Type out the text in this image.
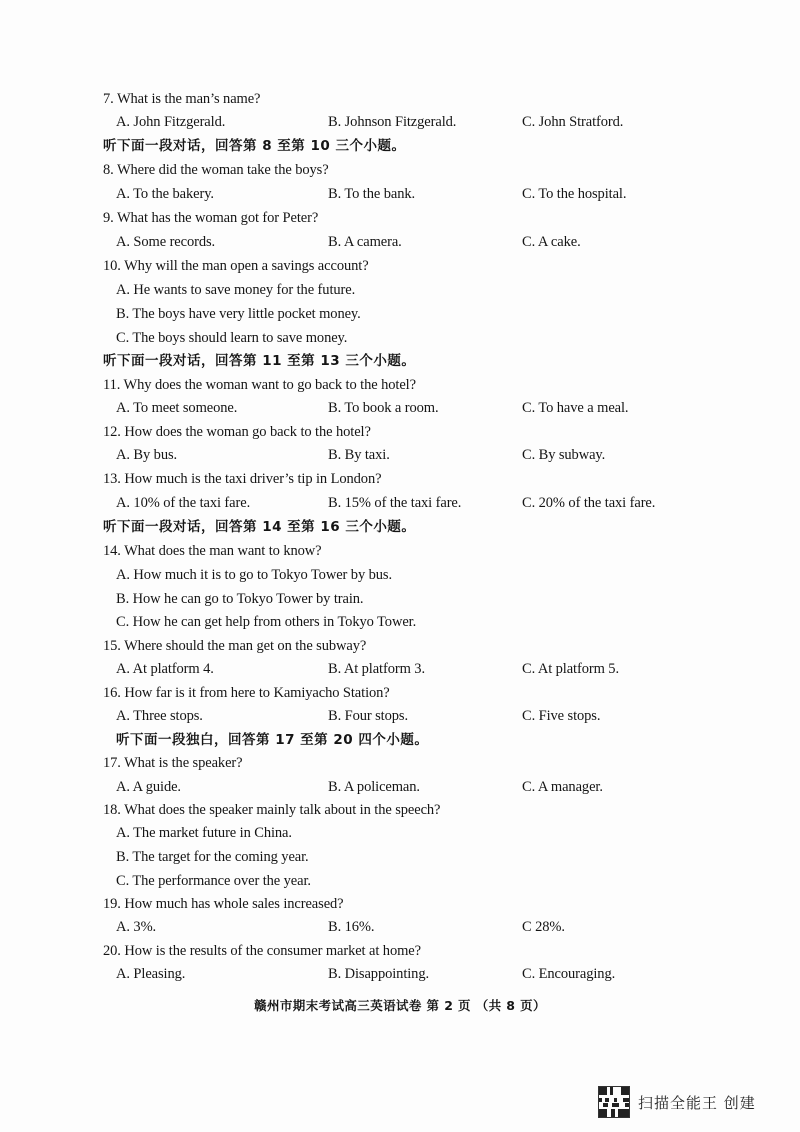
7. What is the man’s name?
A. John Fitzgerald.	B. Johnson Fitzgerald.	C. John Stratford.
听下面一段对话，回答第 8 至第 10 三个小题。
8. Where did the woman take the boys?
A. To the bakery.	B. To the bank.	C. To the hospital.
9. What has the woman got for Peter?
A. Some records.	B. A camera.	C. A cake.
10. Why will the man open a savings account?
A. He wants to save money for the future.
B. The boys have very little pocket money.
C. The boys should learn to save money.
听下面一段对话，回答第 11 至第 13 三个小题。
11. Why does the woman want to go back to the hotel?
A. To meet someone.	B. To book a room.	C. To have a meal.
12. How does the woman go back to the hotel?
A. By bus.	B. By taxi.	C. By subway.
13. How much is the taxi driver’s tip in London?
A. 10% of the taxi fare.	B. 15% of the taxi fare.	C. 20% of the taxi fare.
听下面一段对话，回答第 14 至第 16 三个小题。
14. What does the man want to know?
A. How much it is to go to Tokyo Tower by bus.
B. How he can go to Tokyo Tower by train.
C. How he can get help from others in Tokyo Tower.
15. Where should the man get on the subway?
A. At platform 4.	B. At platform 3.	C. At platform 5.
16. How far is it from here to Kamiyacho Station?
A. Three stops.	B. Four stops.	C. Five stops.
听下面一段独白，回答第 17 至第 20 四个小题。
17. What is the speaker?
A. A guide.	B. A policeman.	C. A manager.
18. What does the speaker mainly talk about in the speech?
A. The market future in China.
B. The target for the coming year.
C. The performance over the year.
19. How much has whole sales increased?
A. 3%.	B. 16%.	C 28%.
20. How is the results of the consumer market at home?
A. Pleasing.	B. Disappointing.	C. Encouraging.
赣州市期末考试高三英语试卷 第 2 页 （共 8 页）
扫描全能王 创建
